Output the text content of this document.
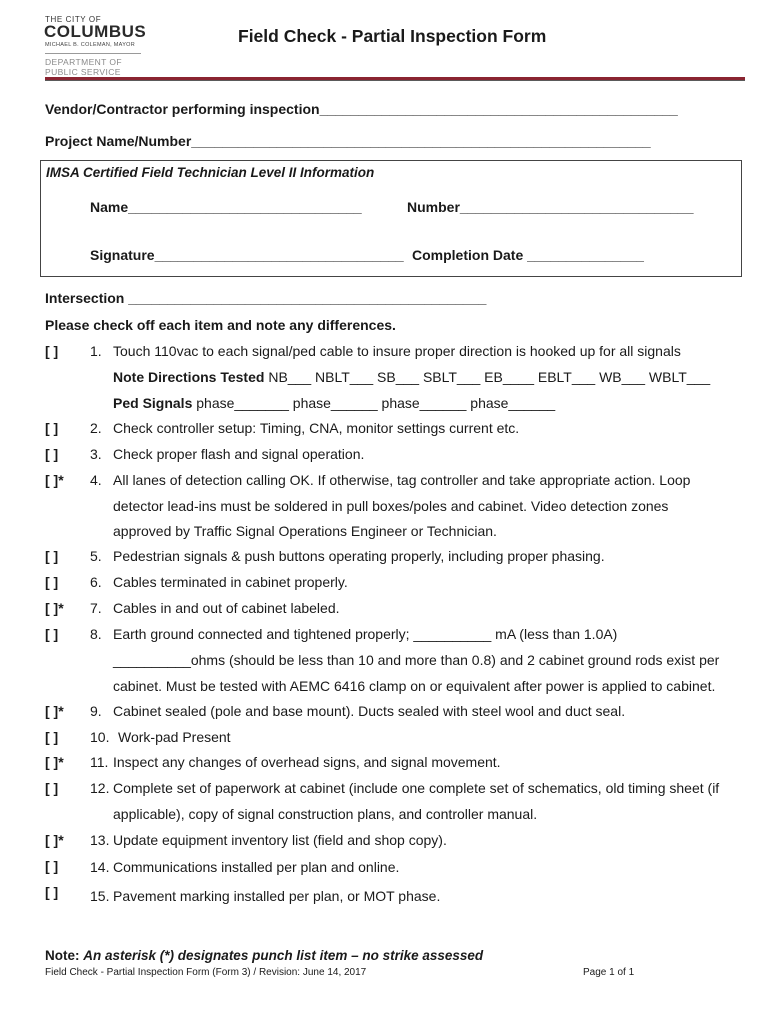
THE CITY OF
COLUMBUS
MICHAEL B. COLEMAN, MAYOR
DEPARTMENT OF
PUBLIC SERVICE
Field Check - Partial Inspection Form
Vendor/Contractor performing inspection______________________________________________
Project Name/Number___________________________________________________________
IMSA Certified Field Technician Level II Information
Name______________________________	Number______________________________
Signature________________________________ Completion Date _______________
Intersection ______________________________________________
Please check off each item and note any differences.
[ ] 1. Touch 110vac to each signal/ped cable to insure proper direction is hooked up for all signals
Note Directions Tested NB___ NBLT___ SB___ SBLT___ EB____ EBLT___ WB___ WBLT___
Ped Signals phase_______ phase______ phase______ phase______
[ ] 2. Check controller setup: Timing, CNA, monitor settings current etc.
[ ] 3. Check proper flash and signal operation.
[ ]* 4. All lanes of detection calling OK. If otherwise, tag controller and take appropriate action. Loop
detector lead-ins must be soldered in pull boxes/poles and cabinet. Video detection zones
approved by Traffic Signal Operations Engineer or Technician.
[ ] 5. Pedestrian signals & push buttons operating properly, including proper phasing.
[ ] 6. Cables terminated in cabinet properly.
[ ]* 7. Cables in and out of cabinet labeled.
[ ] 8. Earth ground connected and tightened properly; __________ mA (less than 1.0A)
__________ohms (should be less than 10 and more than 0.8) and 2 cabinet ground rods exist per
cabinet. Must be tested with AEMC 6416 clamp on or equivalent after power is applied to cabinet.
[ ]* 9. Cabinet sealed (pole and base mount). Ducts sealed with steel wool and duct seal.
[ ] 10. Work-pad Present
[ ]* 11. Inspect any changes of overhead signs, and signal movement.
[ ] 12. Complete set of paperwork at cabinet (include one complete set of schematics, old timing sheet (if
applicable), copy of signal construction plans, and controller manual.
[ ]* 13. Update equipment inventory list (field and shop copy).
[ ] 14. Communications installed per plan and online.
[ ] 15. Pavement marking installed per plan, or MOT phase.
Note: An asterisk (*) designates punch list item – no strike assessed
Field Check - Partial Inspection Form (Form 3) / Revision: June 14, 2017	Page 1 of 1
